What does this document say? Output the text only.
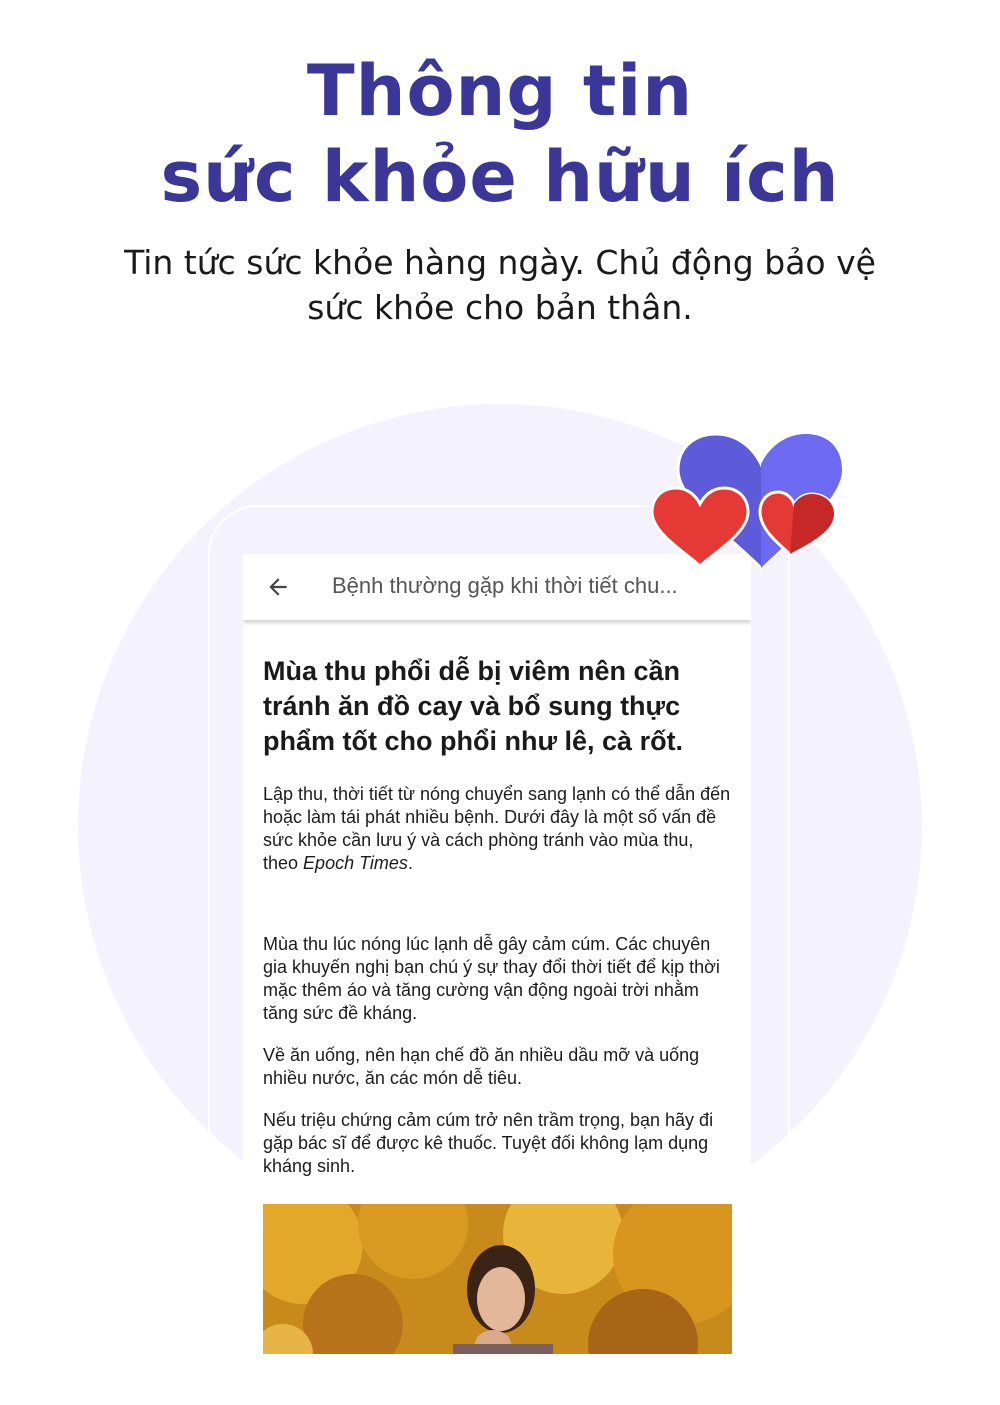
Thông tin
sức khỏe hữu ích
Tin tức sức khỏe hàng ngày. Chủ động bảo vệ
sức khỏe cho bản thân.
Bệnh thường gặp khi thời tiết chu...
Mùa thu phổi dễ bị viêm nên cần tránh ăn đồ cay và bổ sung thực phẩm tốt cho phổi như lê, cà rốt.

Lập thu, thời tiết từ nóng chuyển sang lạnh có thể dẫn đến hoặc làm tái phát nhiều bệnh. Dưới đây là một số vấn đề sức khỏe cần lưu ý và cách phòng tránh vào mùa thu, theo Epoch Times.

Mùa thu lúc nóng lúc lạnh dễ gây cảm cúm. Các chuyên gia khuyến nghị bạn chú ý sự thay đổi thời tiết để kịp thời mặc thêm áo và tăng cường vận động ngoài trời nhằm tăng sức đề kháng.

Về ăn uống, nên hạn chế đồ ăn nhiều dầu mỡ và uống nhiều nước, ăn các món dễ tiêu.

Nếu triệu chứng cảm cúm trở nên trầm trọng, bạn hãy đi gặp bác sĩ để được kê thuốc. Tuyệt đối không lạm dụng kháng sinh.
